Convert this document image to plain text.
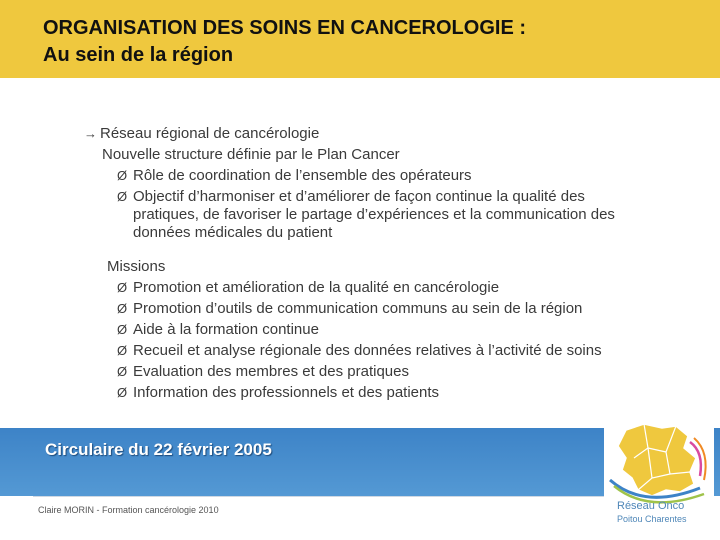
ORGANISATION DES SOINS EN CANCEROLOGIE :
Au sein de la région
→ Réseau régional de cancérologie
Nouvelle structure définie par le Plan Cancer
Ø Rôle de coordination de l’ensemble des opérateurs
Ø Objectif d’harmoniser et d’améliorer de façon continue la qualité des
pratiques, de favoriser le partage d’expériences et la communication des
données médicales du patient
Missions
Ø Promotion et amélioration de la qualité en cancérologie
Ø Promotion d’outils de communication communs au sein de la région
Ø Aide à la formation continue
Ø Recueil et analyse régionale des données relatives à l’activité de soins
Ø Evaluation des membres et des pratiques
Ø Information des professionnels et des patients
Circulaire du 22 février 2005
Claire MORIN - Formation cancérologie 2010	Réseau Onco
Poitou Charentes
